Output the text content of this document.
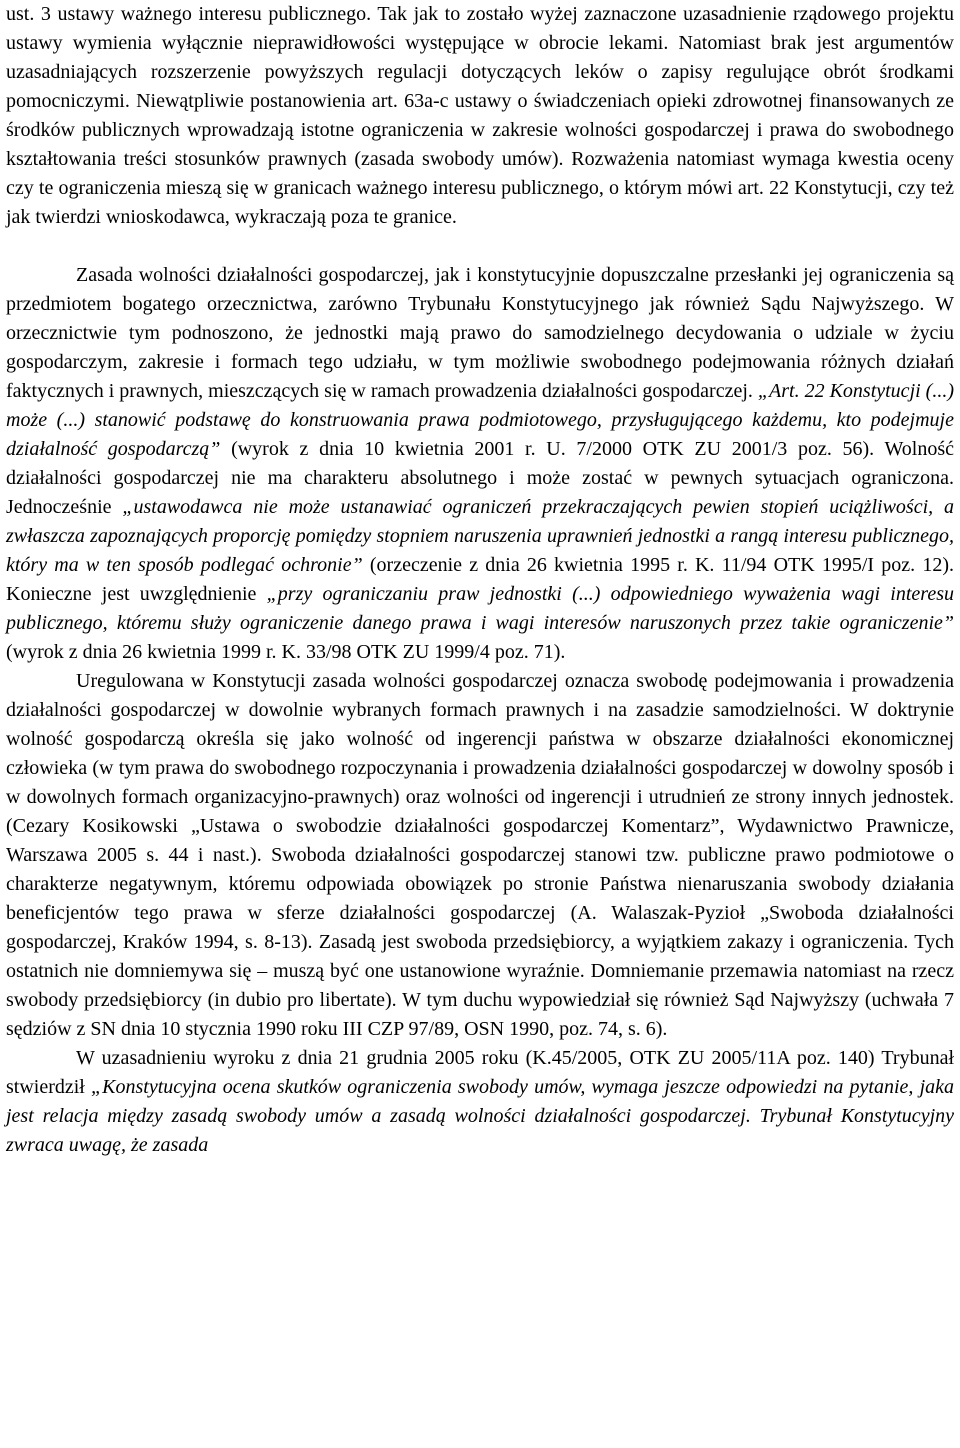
ust. 3 ustawy ważnego interesu publicznego. Tak jak to zostało wyżej zaznaczone uzasadnienie rządowego projektu ustawy wymienia wyłącznie nieprawidłowości występujące w obrocie lekami. Natomiast brak jest argumentów uzasadniających rozszerzenie powyższych regulacji dotyczących leków o zapisy regulujące obrót środkami pomocniczymi. Niewątpliwie postanowienia art. 63a-c ustawy o świadczeniach opieki zdrowotnej finansowanych ze środków publicznych wprowadzają istotne ograniczenia w zakresie wolności gospodarczej i prawa do swobodnego kształtowania treści stosunków prawnych (zasada swobody umów). Rozważenia natomiast wymaga kwestia oceny czy te ograniczenia mieszą się w granicach ważnego interesu publicznego, o którym mówi art. 22 Konstytucji, czy też jak twierdzi wnioskodawca, wykraczają poza te granice.

Zasada wolności działalności gospodarczej, jak i konstytucyjnie dopuszczalne przesłanki jej ograniczenia są przedmiotem bogatego orzecznictwa, zarówno Trybunału Konstytucyjnego jak również Sądu Najwyższego. W orzecznictwie tym podnoszono, że jednostki mają prawo do samodzielnego decydowania o udziale w życiu gospodarczym, zakresie i formach tego udziału, w tym możliwie swobodnego podejmowania różnych działań faktycznych i prawnych, mieszczących się w ramach prowadzenia działalności gospodarczej. „Art. 22 Konstytucji (...) może (...) stanowić podstawę do konstruowania prawa podmiotowego, przysługującego każdemu, kto podejmuje działalność gospodarczą” (wyrok z dnia 10 kwietnia 2001 r. U. 7/2000 OTK ZU 2001/3 poz. 56). Wolność działalności gospodarczej nie ma charakteru absolutnego i może zostać w pewnych sytuacjach ograniczona. Jednocześnie „ustawodawca nie może ustanawiać ograniczeń przekraczających pewien stopień uciążliwości, a zwłaszcza zapoznających proporcję pomiędzy stopniem naruszenia uprawnień jednostki a rangą interesu publicznego, który ma w ten sposób podlegać ochronie” (orzeczenie z dnia 26 kwietnia 1995 r. K. 11/94 OTK 1995/I poz. 12). Konieczne jest uwzględnienie „przy ograniczaniu praw jednostki (...) odpowiedniego wyważenia wagi interesu publicznego, któremu służy ograniczenie danego prawa i wagi interesów naruszonych przez takie ograniczenie” (wyrok z dnia 26 kwietnia 1999 r. K. 33/98 OTK ZU 1999/4 poz. 71).

Uregulowana w Konstytucji zasada wolności gospodarczej oznacza swobodę podejmowania i prowadzenia działalności gospodarczej w dowolnie wybranych formach prawnych i na zasadzie samodzielności. W doktrynie wolność gospodarczą określa się jako wolność od ingerencji państwa w obszarze działalności ekonomicznej człowieka (w tym prawa do swobodnego rozpoczynania i prowadzenia działalności gospodarczej w dowolny sposób i w dowolnych formach organizacyjno-prawnych) oraz wolności od ingerencji i utrudnień ze strony innych jednostek. (Cezary Kosikowski „Ustawa o swobodzie działalności gospodarczej Komentarz”, Wydawnictwo Prawnicze, Warszawa 2005 s. 44 i nast.). Swoboda działalności gospodarczej stanowi tzw. publiczne prawo podmiotowe o charakterze negatywnym, któremu odpowiada obowiązek po stronie Państwa nienaruszania swobody działania beneficjentów tego prawa w sferze działalności gospodarczej (A. Walaszak-Pyzioł „Swoboda działalności gospodarczej, Kraków 1994, s. 8-13). Zasadą jest swoboda przedsiębiorcy, a wyjątkiem zakazy i ograniczenia. Tych ostatnich nie domniemywa się – muszą być one ustanowione wyraźnie. Domniemanie przemawia natomiast na rzecz swobody przedsiębiorcy (in dubio pro libertate). W tym duchu wypowiedział się również Sąd Najwyższy (uchwała 7 sędziów z SN dnia 10 stycznia 1990 roku III CZP 97/89, OSN 1990, poz. 74, s. 6).

W uzasadnieniu wyroku z dnia 21 grudnia 2005 roku (K.45/2005, OTK ZU 2005/11A poz. 140) Trybunał stwierdził „Konstytucyjna ocena skutków ograniczenia swobody umów, wymaga jeszcze odpowiedzi na pytanie, jaka jest relacja między zasadą swobody umów a zasadą wolności działalności gospodarczej. Trybunał Konstytucyjny zwraca uwagę, że zasada
